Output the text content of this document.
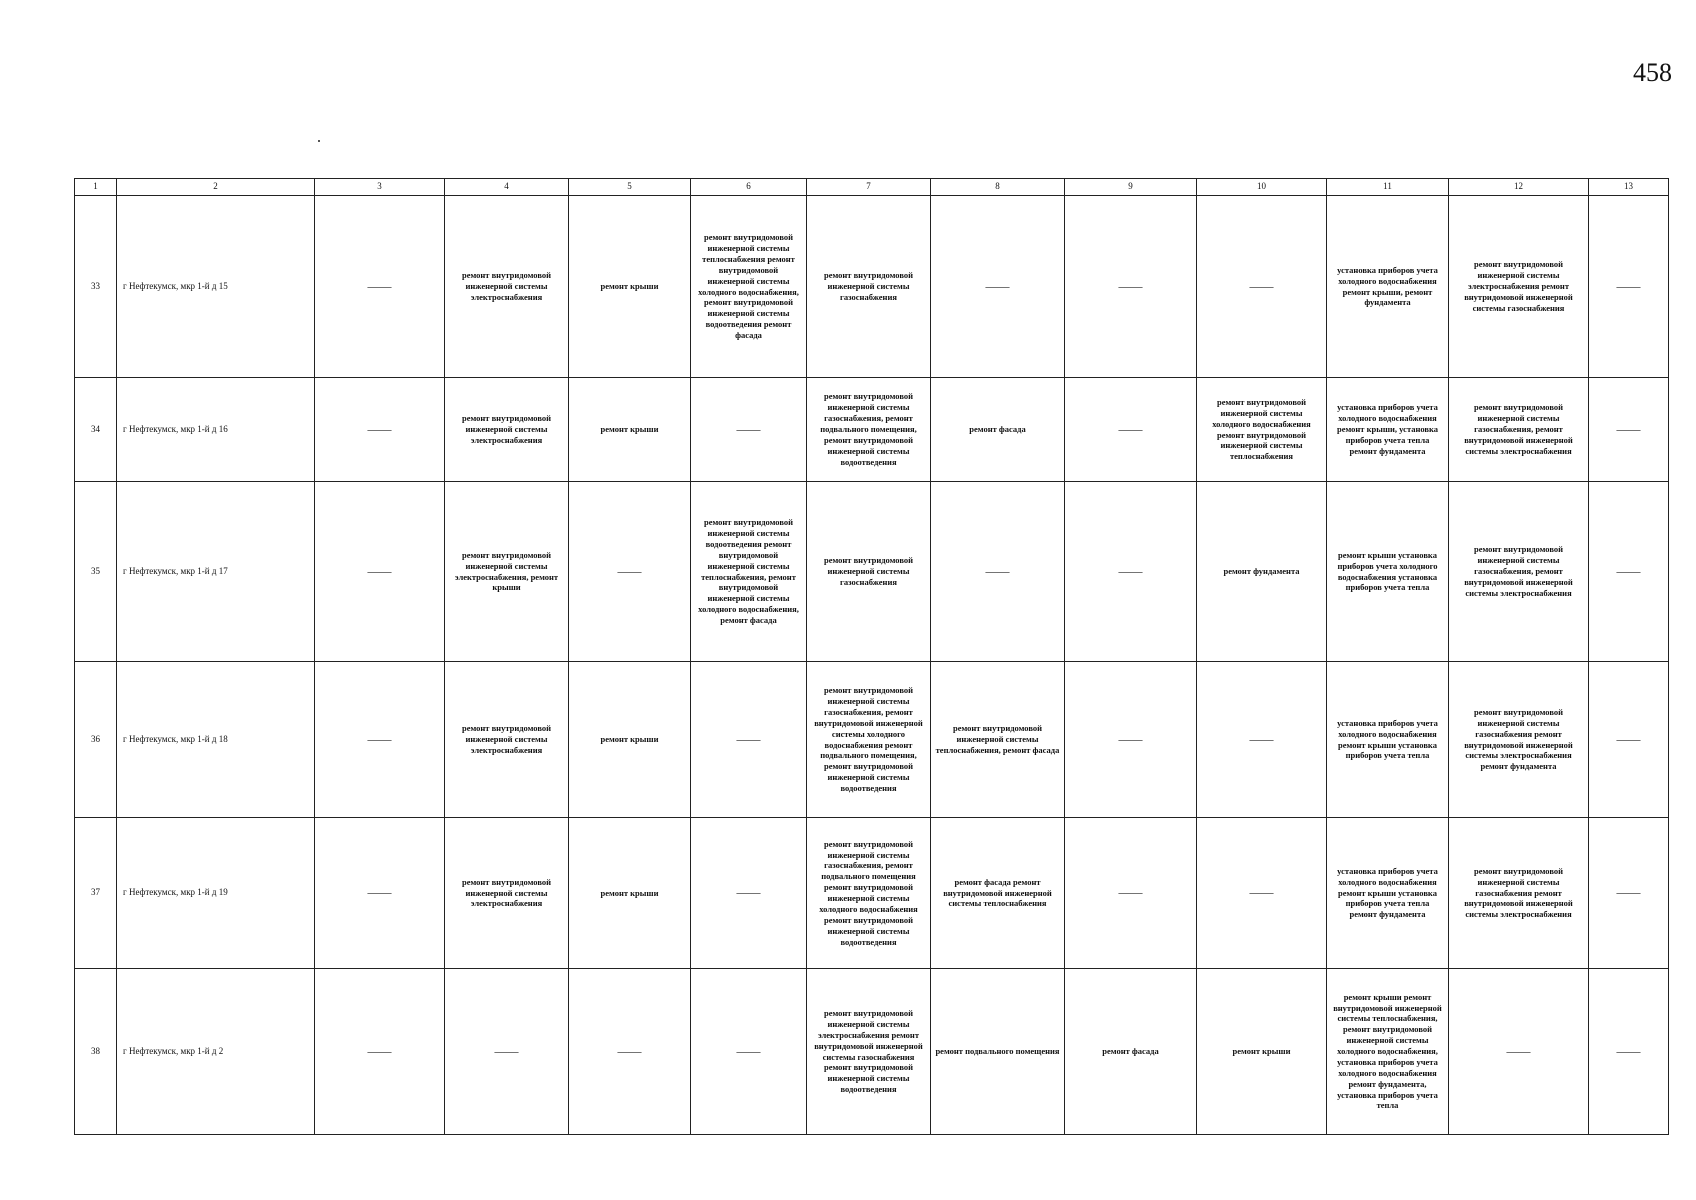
458
1	2	3	4	5	6	7	8	9	10	11	12	13
33	г Нефтекумск, мкр 1-й д 15	——	ремонт внутридомовой инженерной системы электроснабжения	ремонт крыши	ремонт внутридомовой инженерной системы теплоснабжения ремонт внутридомовой инженерной системы холодного водоснабжения, ремонт внутридомовой инженерной системы водоотведения ремонт фасада	ремонт внутридомовой инженерной системы газоснабжения	——	——	——	установка приборов учета холодного водоснабжения ремонт крыши, ремонт фундамента	ремонт внутридомовой инженерной системы электроснабжения ремонт внутридомовой инженерной системы газоснабжения	——
34	г Нефтекумск, мкр 1-й д 16	——	ремонт внутридомовой инженерной системы электроснабжения	ремонт крыши	——	ремонт внутридомовой инженерной системы газоснабжения, ремонт подвального помещения, ремонт внутридомовой инженерной системы водоотведения	ремонт фасада	——	ремонт внутридомовой инженерной системы холодного водоснабжения ремонт внутридомовой инженерной системы теплоснабжения	установка приборов учета холодного водоснабжения ремонт крыши, установка приборов учета тепла ремонт фундамента	ремонт внутридомовой инженерной системы газоснабжения, ремонт внутридомовой инженерной системы электроснабжения	——
35	г Нефтекумск, мкр 1-й д 17	——	ремонт внутридомовой инженерной системы электроснабжения, ремонт крыши	——	ремонт внутридомовой инженерной системы водоотведения ремонт внутридомовой инженерной системы теплоснабжения, ремонт внутридомовой инженерной системы холодного водоснабжения, ремонт фасада	ремонт внутридомовой инженерной системы газоснабжения	——	——	ремонт фундамента	ремонт крыши установка приборов учета холодного водоснабжения установка приборов учета тепла	ремонт внутридомовой инженерной системы газоснабжения, ремонт внутридомовой инженерной системы электроснабжения	——
36	г Нефтекумск, мкр 1-й д 18	——	ремонт внутридомовой инженерной системы электроснабжения	ремонт крыши	——	ремонт внутридомовой инженерной системы газоснабжения, ремонт внутридомовой инженерной системы холодного водоснабжения ремонт подвального помещения, ремонт внутридомовой инженерной системы водоотведения	ремонт внутридомовой инженерной системы теплоснабжения, ремонт фасада	——	——	установка приборов учета холодного водоснабжения ремонт крыши установка приборов учета тепла	ремонт внутридомовой инженерной системы газоснабжения ремонт внутридомовой инженерной системы электроснабжения ремонт фундамента	——
37	г Нефтекумск, мкр 1-й д 19	——	ремонт внутридомовой инженерной системы электроснабжения	ремонт крыши	——	ремонт внутридомовой инженерной системы газоснабжения, ремонт подвального помещения ремонт внутридомовой инженерной системы холодного водоснабжения ремонт внутридомовой инженерной системы водоотведения	ремонт фасада ремонт внутридомовой инженерной системы теплоснабжения	——	——	установка приборов учета холодного водоснабжения ремонт крыши установка приборов учета тепла ремонт фундамента	ремонт внутридомовой инженерной системы газоснабжения ремонт внутридомовой инженерной системы электроснабжения	——
38	г Нефтекумск, мкр 1-й д 2	——	——	——	——	ремонт внутридомовой инженерной системы электроснабжения ремонт внутридомовой инженерной системы газоснабжения ремонт внутридомовой инженерной системы водоотведения	ремонт подвального помещения	ремонт фасада	ремонт крыши	ремонт крыши ремонт внутридомовой инженерной системы теплоснабжения, ремонт внутридомовой инженерной системы холодного водоснабжения, установка приборов учета холодного водоснабжения ремонт фундамента, установка приборов учета тепла	——	——
